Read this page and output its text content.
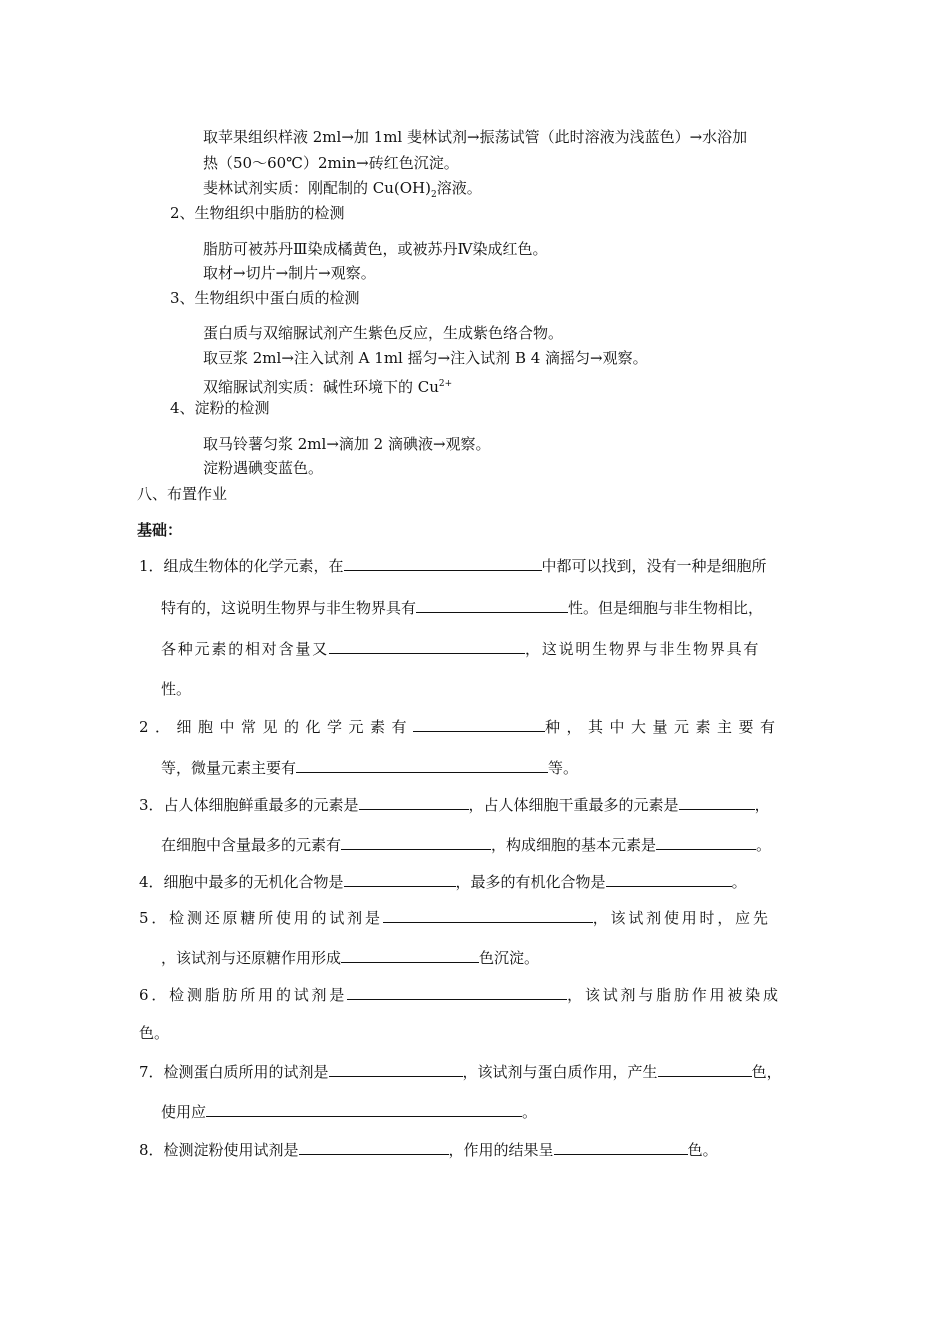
取苹果组织样液 2ml→加 1ml 斐林试剂→振荡试管（此时溶液为浅蓝色）→水浴加
热（50～60℃）2min→砖红色沉淀。
斐林试剂实质：刚配制的 $Cu(OH)_2$溶液。
2、生物组织中脂肪的检测
脂肪可被苏丹Ⅲ染成橘黄色，或被苏丹Ⅳ染成红色。
取材→切片→制片→观察。
3、生物组织中蛋白质的检测
蛋白质与双缩脲试剂产生紫色反应，生成紫色络合物。
取豆浆 2ml→注入试剂 A 1ml 摇匀→注入试剂 B 4 滴摇匀→观察。
双缩脲试剂实质：碱性环境下的 $Cu^{2+}$
4、淀粉的检测
取马铃薯匀浆 2ml→滴加 2 滴碘液→观察。
淀粉遇碘变蓝色。
八、布置作业
基础：
1．组成生物体的化学元素，在	中都可以找到，没有一种是细胞所
特有的，这说明生物界与非生物界具有	性。但是细胞与非生物相比，
各种元素的相对含量又	，这说明生物界与非生物界具有
性。
2．细胞中常见的化学元素有	种，其中大量元素主要有
等，微量元素主要有	等。
3．占人体细胞鲜重最多的元素是	，占人体细胞干重最多的元素是	，
在细胞中含量最多的元素有	，构成细胞的基本元素是	。
4．细胞中最多的无机化合物是	，最多的有机化合物是	。
5．检测还原糖所使用的试剂是	，该试剂使用时，应先
，该试剂与还原糖作用形成	色沉淀。
6．检测脂肪所用的试剂是	，该试剂与脂肪作用被染成
色。
7．检测蛋白质所用的试剂是	，该试剂与蛋白质作用，产生	色，
使用应	。
8．检测淀粉使用试剂是	，作用的结果呈	色。
